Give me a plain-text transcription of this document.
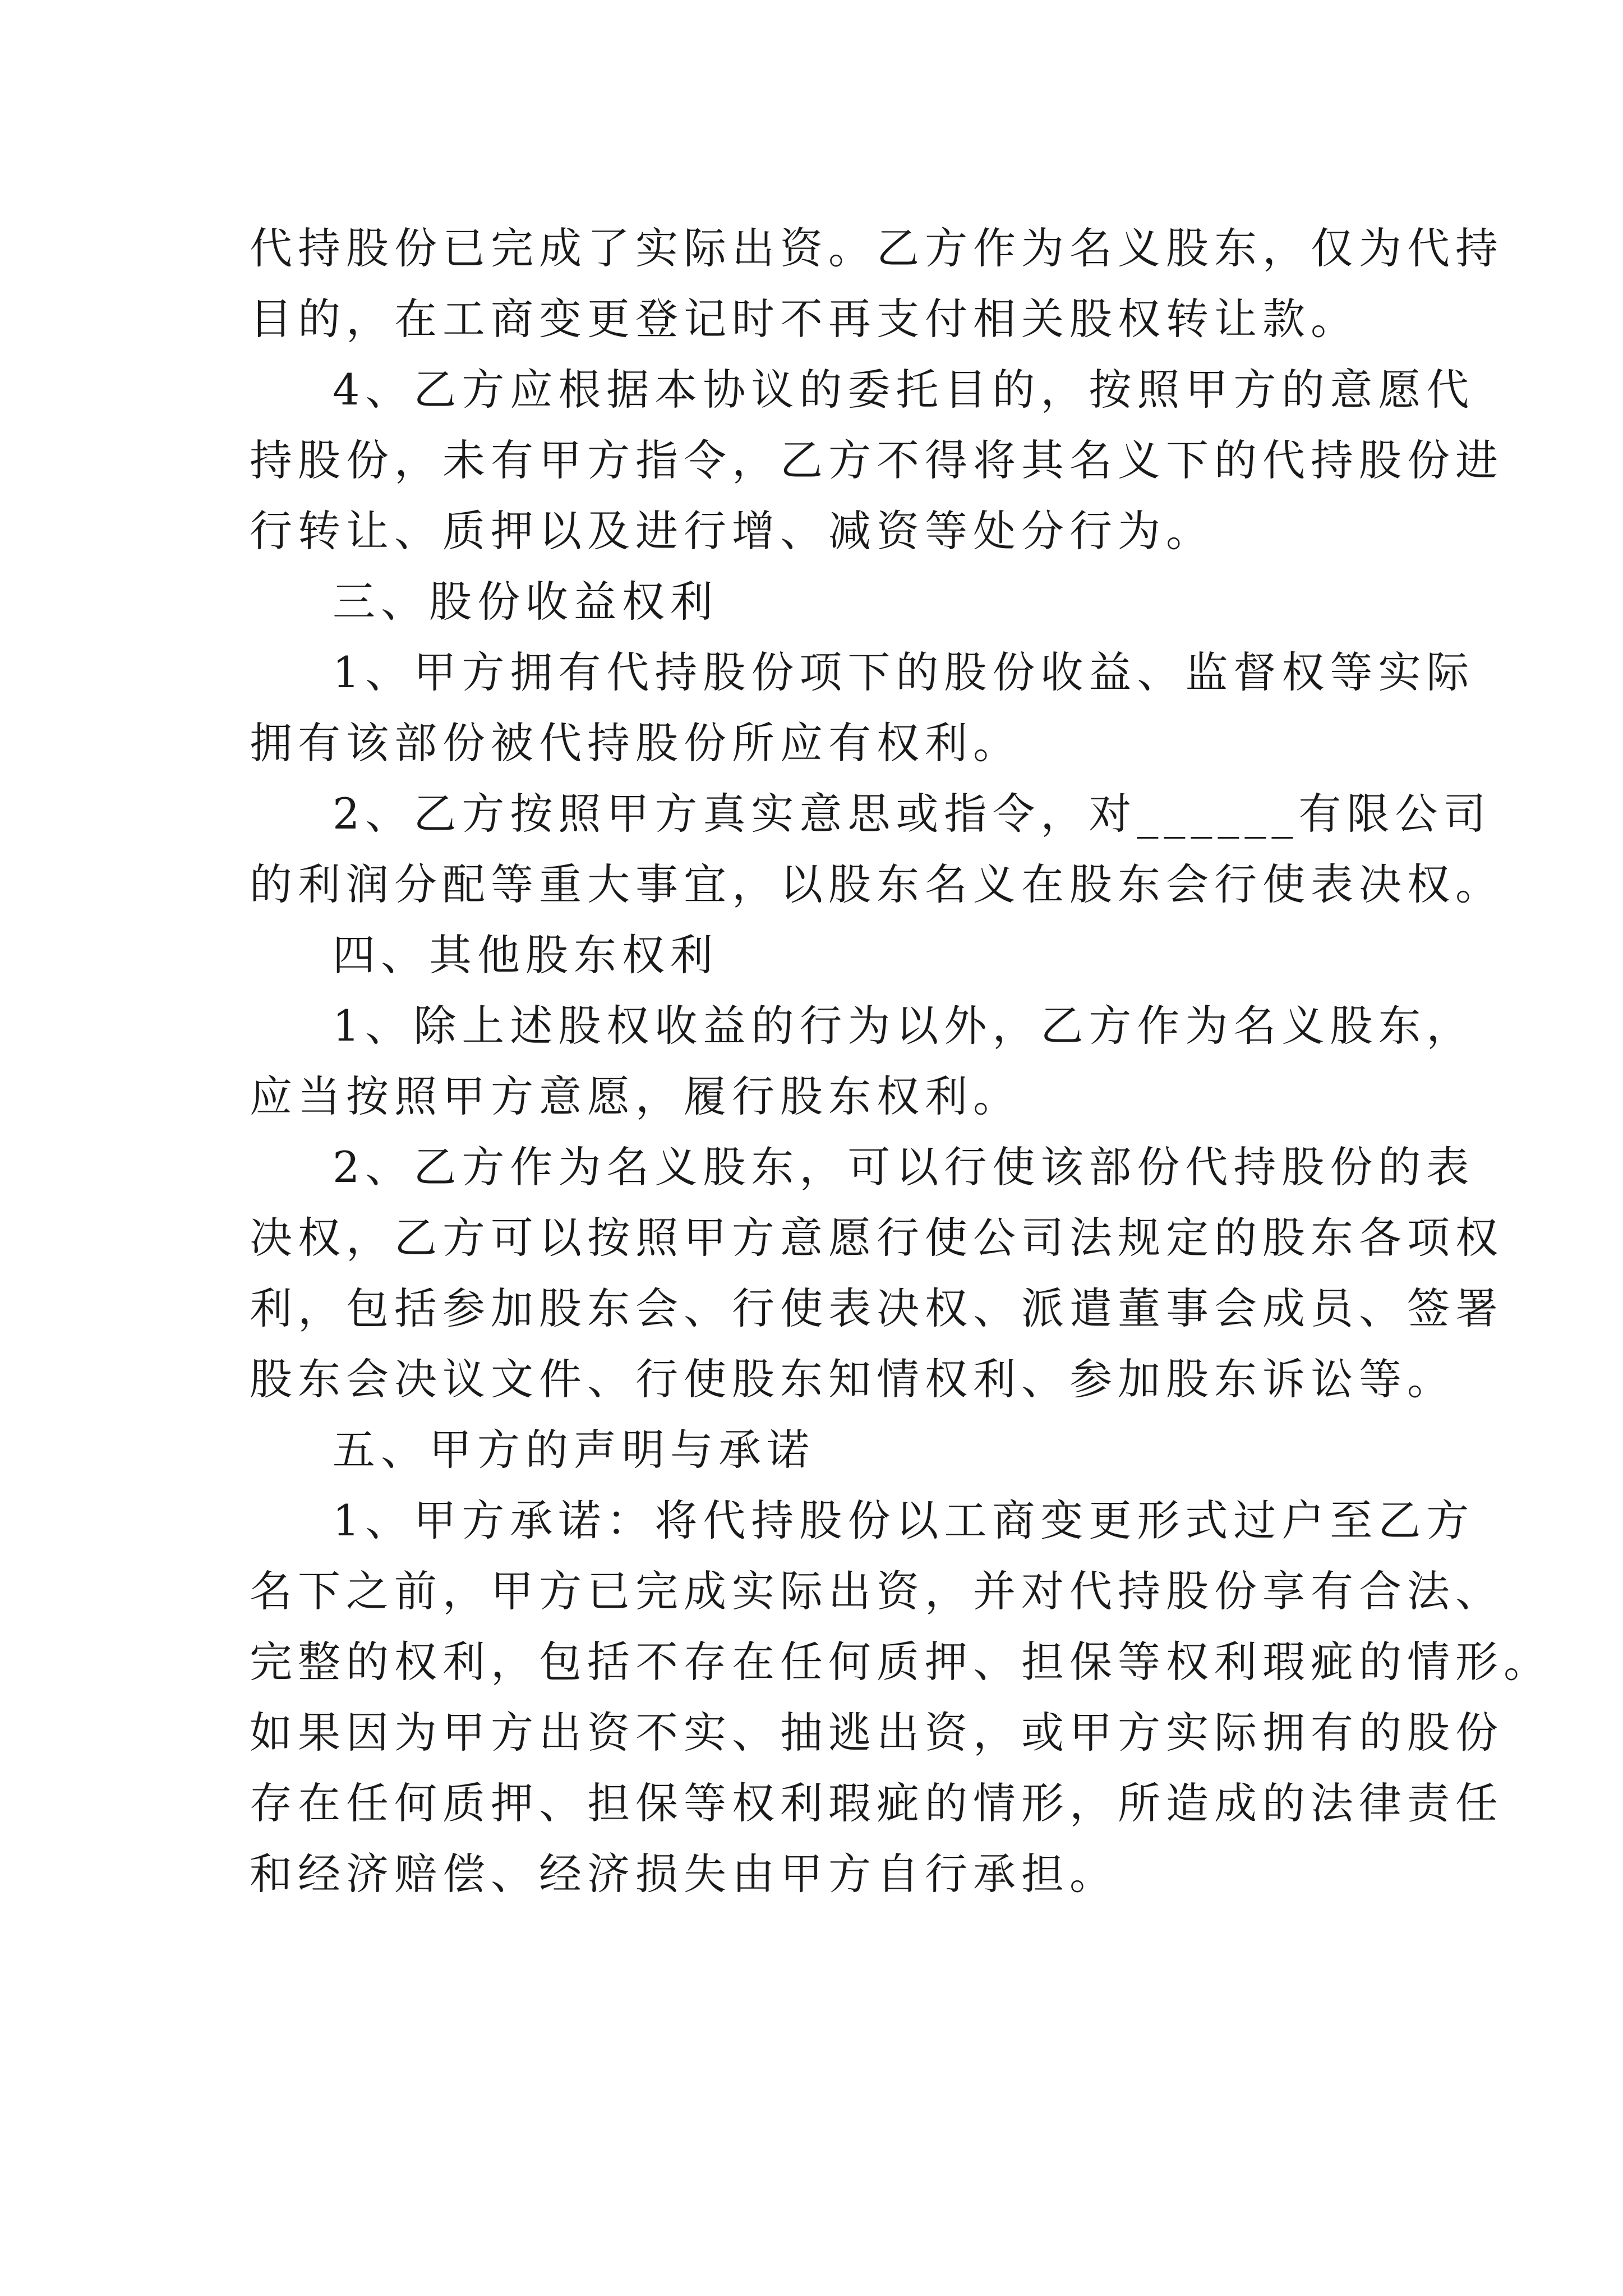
代持股份已完成了实际出资。乙方作为名义股东，仅为代持
目的，在工商变更登记时不再支付相关股权转让款。
4、乙方应根据本协议的委托目的，按照甲方的意愿代
持股份，未有甲方指令，乙方不得将其名义下的代持股份进
行转让、质押以及进行增、减资等处分行为。
三、股份收益权利
1、甲方拥有代持股份项下的股份收益、监督权等实际
拥有该部份被代持股份所应有权利。
2、乙方按照甲方真实意思或指令，对______有限公司
的利润分配等重大事宜，以股东名义在股东会行使表决权。
四、其他股东权利
1、除上述股权收益的行为以外，乙方作为名义股东，
应当按照甲方意愿，履行股东权利。
2、乙方作为名义股东，可以行使该部份代持股份的表
决权，乙方可以按照甲方意愿行使公司法规定的股东各项权
利，包括参加股东会、行使表决权、派遣董事会成员、签署
股东会决议文件、行使股东知情权利、参加股东诉讼等。
五、甲方的声明与承诺
1、甲方承诺：将代持股份以工商变更形式过户至乙方
名下之前，甲方已完成实际出资，并对代持股份享有合法、
完整的权利，包括不存在任何质押、担保等权利瑕疵的情形。
如果因为甲方出资不实、抽逃出资，或甲方实际拥有的股份
存在任何质押、担保等权利瑕疵的情形，所造成的法律责任
和经济赔偿、经济损失由甲方自行承担。
